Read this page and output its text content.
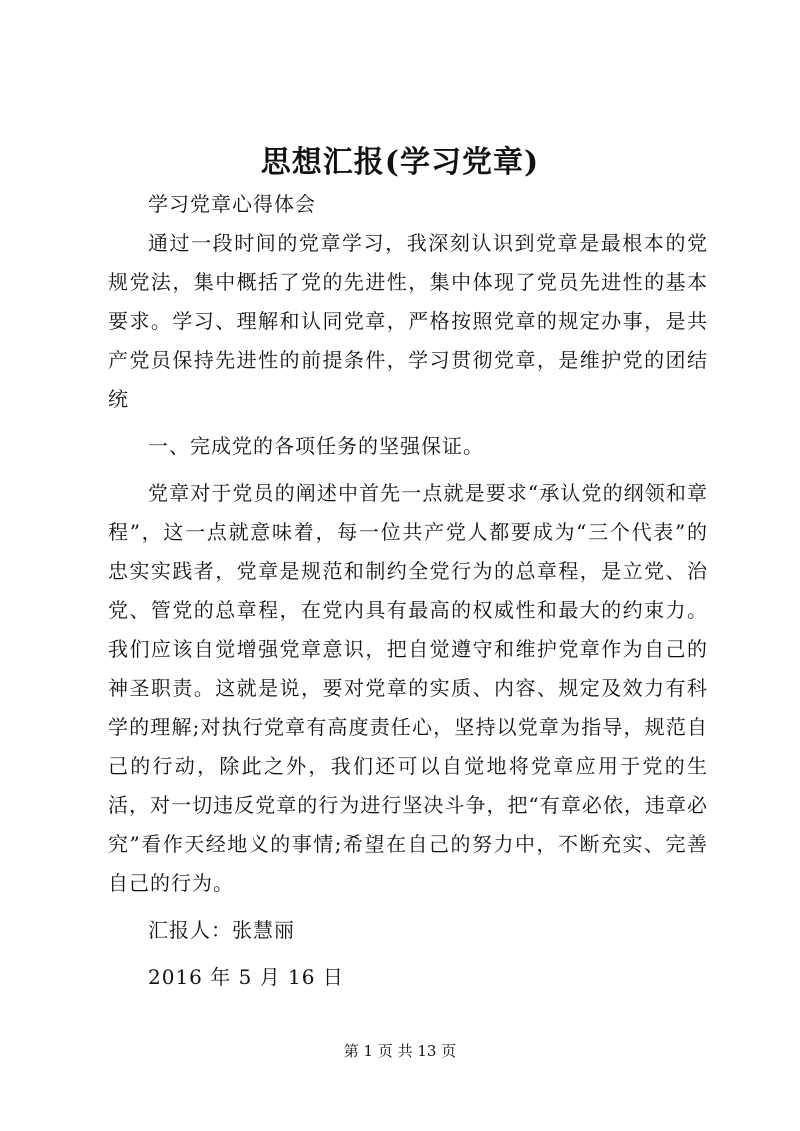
思想汇报(学习党章)

学习党章心得体会

通过一段时间的党章学习，我深刻认识到党章是最根本的党规党法，集中概括了党的先进性，集中体现了党员先进性的基本要求。学习、理解和认同党章，严格按照党章的规定办事，是共产党员保持先进性的前提条件，学习贯彻党章，是维护党的团结统

一、完成党的各项任务的坚强保证。

党章对于党员的阐述中首先一点就是要求“承认党的纲领和章程”，这一点就意味着，每一位共产党人都要成为“三个代表”的忠实实践者，党章是规范和制约全党行为的总章程，是立党、治党、管党的总章程，在党内具有最高的权威性和最大的约束力。我们应该自觉增强党章意识，把自觉遵守和维护党章作为自己的神圣职责。这就是说，要对党章的实质、内容、规定及效力有科学的理解;对执行党章有高度责任心，坚持以党章为指导，规范自己的行动，除此之外，我们还可以自觉地将党章应用于党的生活，对一切违反党章的行为进行坚决斗争，把“有章必依，违章必究”看作天经地义的事情;希望在自己的努力中，不断充实、完善自己的行为。

汇报人：张慧丽

2016 年 5 月 16 日

第 1 页 共 13 页
